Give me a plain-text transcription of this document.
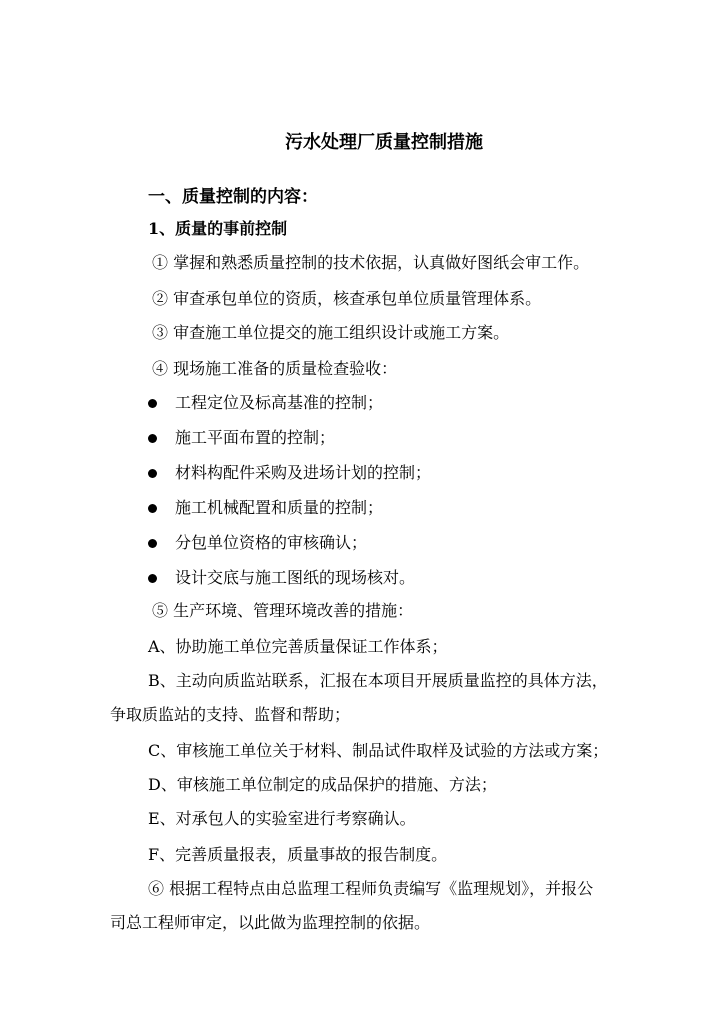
污水处理厂质量控制措施
一、质量控制的内容：
1、质量的事前控制
① 掌握和熟悉质量控制的技术依据，认真做好图纸会审工作。
② 审查承包单位的资质，核查承包单位质量管理体系。
③ 审查施工单位提交的施工组织设计或施工方案。
④ 现场施工准备的质量检查验收：
工程定位及标高基准的控制；
施工平面布置的控制；
材料构配件采购及进场计划的控制；
施工机械配置和质量的控制；
分包单位资格的审核确认；
设计交底与施工图纸的现场核对。
⑤ 生产环境、管理环境改善的措施：
A、协助施工单位完善质量保证工作体系；
B、主动向质监站联系，汇报在本项目开展质量监控的具体方法，
争取质监站的支持、监督和帮助；
C、审核施工单位关于材料、制品试件取样及试验的方法或方案；
D、审核施工单位制定的成品保护的措施、方法；
E、对承包人的实验室进行考察确认。
F、完善质量报表，质量事故的报告制度。
⑥ 根据工程特点由总监理工程师负责编写《监理规划》，并报公
司总工程师审定，以此做为监理控制的依据。
